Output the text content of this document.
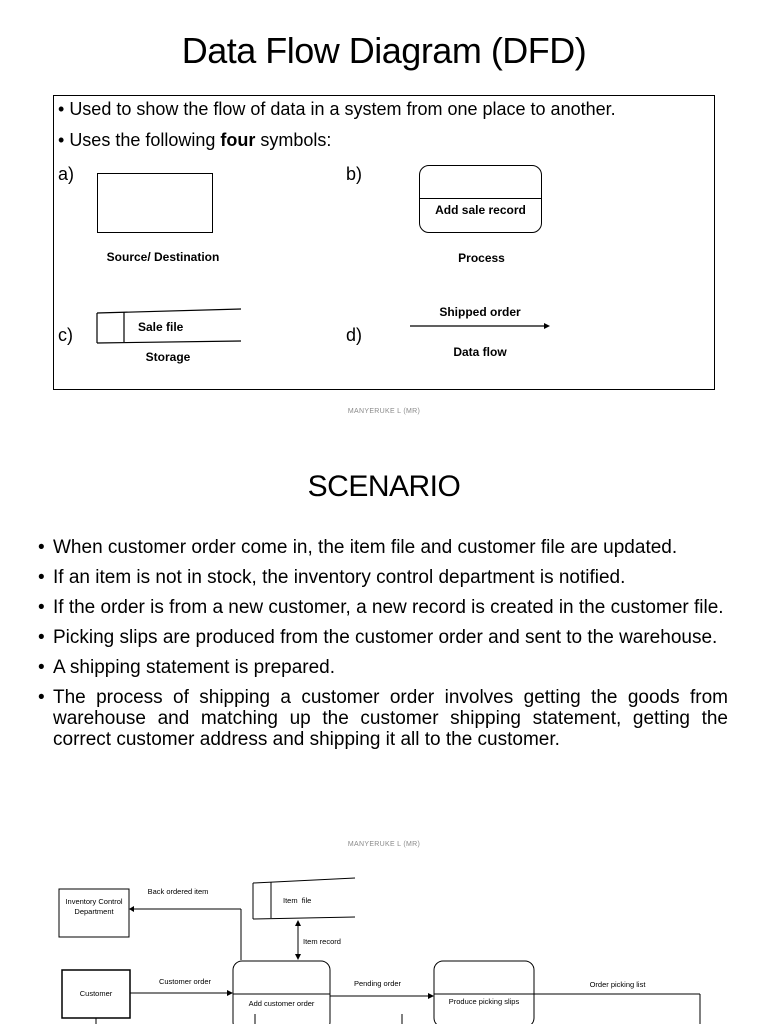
Data Flow Diagram (DFD)
• Used to show the flow of data in a system from one place to another.
• Uses the following four symbols:
a)
Source/ Destination
b)
Add sale record
Process
c)	Sale file
Storage
d)
Shipped order
Data flow
MANYERUKE L (MR)
SCENARIO
• When customer order come in, the item file and customer file are updated.
• If an item is not in stock, the inventory control department is notified.
• If the order is from a new customer, a new record is created in the customer file.
• Picking slips are produced from the customer order and sent to the warehouse.
• A shipping statement is prepared.
• The process of shipping a customer order involves getting the goods from warehouse and matching up the customer shipping statement, getting the correct customer address and shipping it all to the customer.
MANYERUKE L (MR)
Inventory Control Department
Back ordered item
Item  file
Item record
Customer
Customer order
Add customer order
Pending order
Produce picking slips
Order picking list
